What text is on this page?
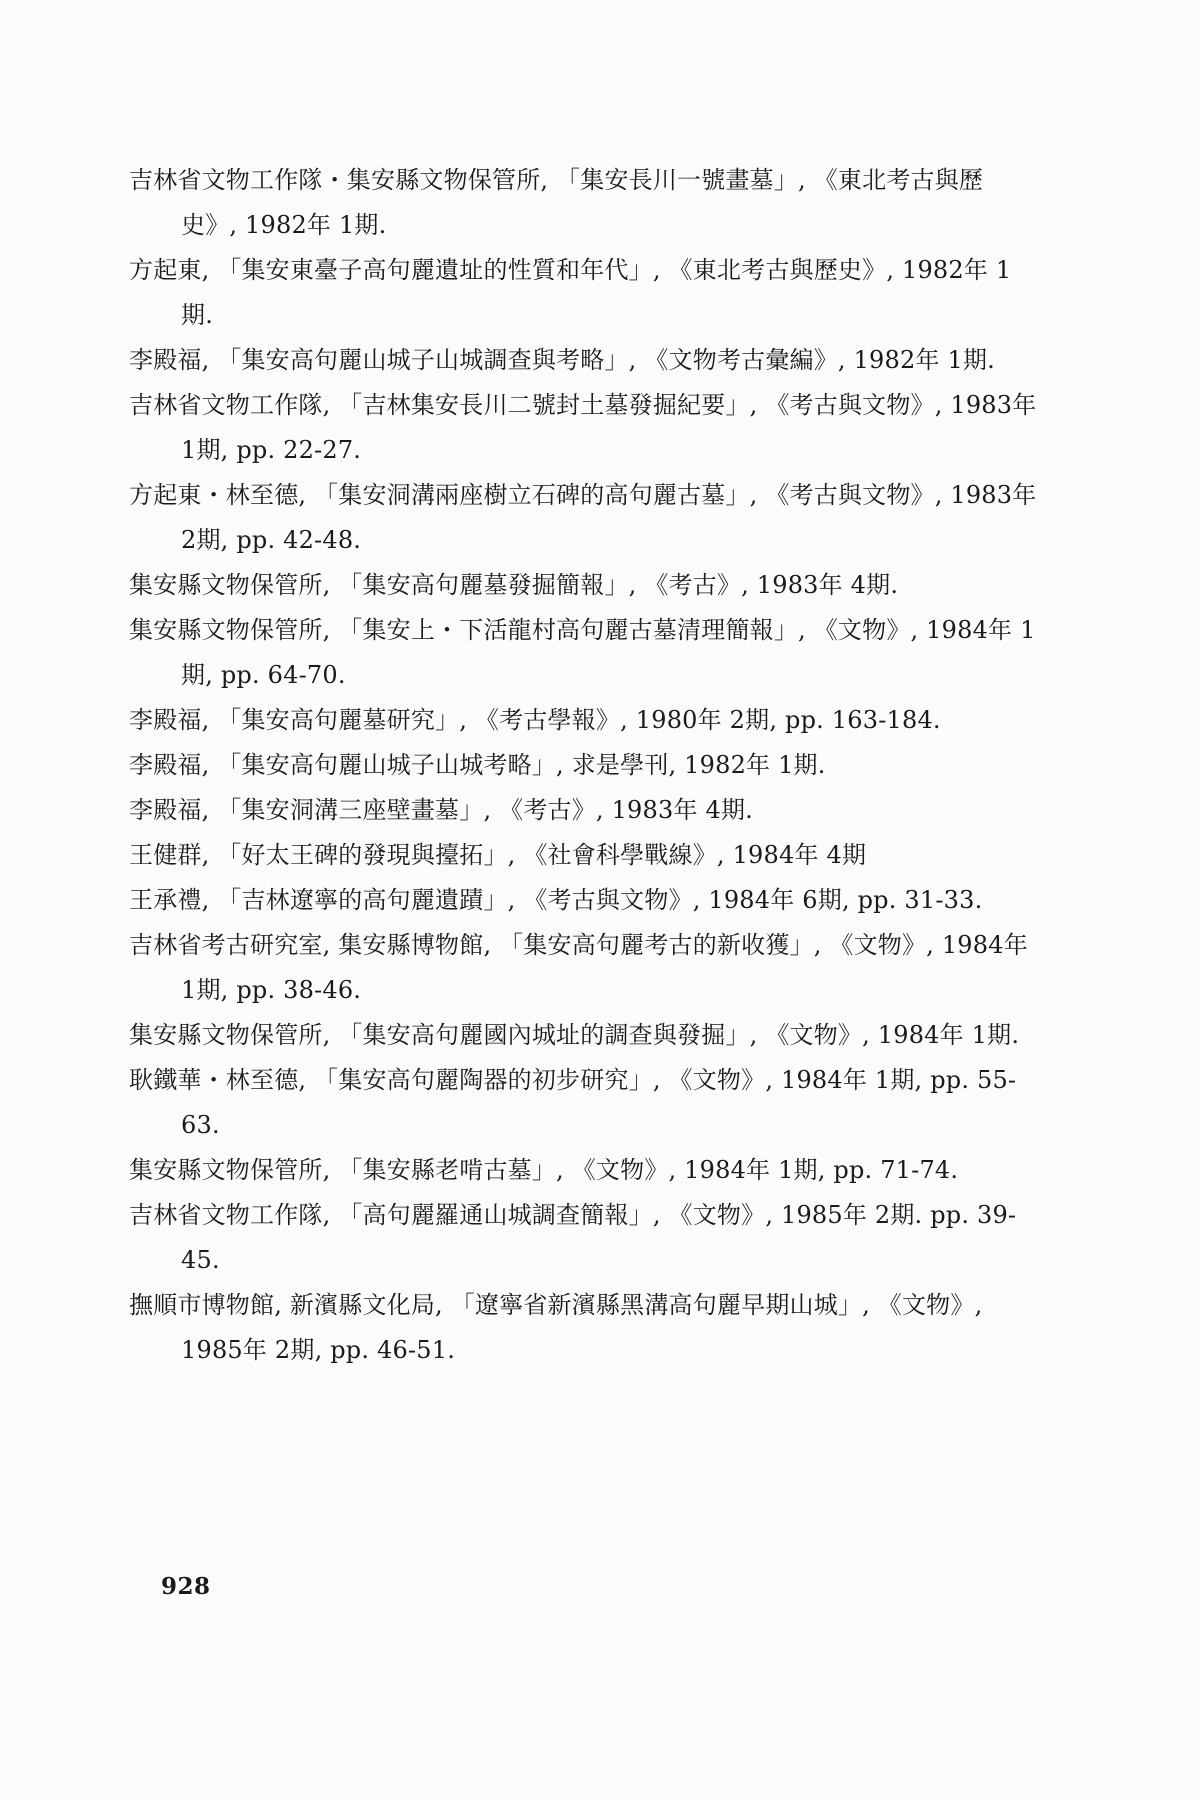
吉林省文物工作隊・集安縣文物保管所, 「集安長川一號畫墓」, 《東北考古與歷史》, 1982年 1期.
方起東, 「集安東臺子高句麗遺址的性質和年代」, 《東北考古與歷史》, 1982年 1期.
李殿福, 「集安高句麗山城子山城調查與考略」, 《文物考古彙編》, 1982年 1期.
吉林省文物工作隊, 「吉林集安長川二號封土墓發掘紀要」, 《考古與文物》, 1983年 1期, pp. 22-27.
方起東・林至德, 「集安洞溝兩座樹立石碑的高句麗古墓」, 《考古與文物》, 1983年 2期, pp. 42-48.
集安縣文物保管所, 「集安高句麗墓發掘簡報」, 《考古》, 1983年 4期.
集安縣文物保管所, 「集安上・下活龍村高句麗古墓清理簡報」, 《文物》, 1984年 1期, pp. 64-70.
李殿福, 「集安高句麗墓研究」, 《考古學報》, 1980年 2期, pp. 163-184.
李殿福, 「集安高句麗山城子山城考略」, 求是學刊, 1982年 1期.
李殿福, 「集安洞溝三座壁畫墓」, 《考古》, 1983年 4期.
王健群, 「好太王碑的發現與擡拓」, 《社會科學戰線》, 1984年 4期
王承禮, 「吉林遼寧的高句麗遺蹟」, 《考古與文物》, 1984年 6期, pp. 31-33.
吉林省考古研究室, 集安縣博物館, 「集安高句麗考古的新收獲」, 《文物》, 1984年 1期, pp. 38-46.
集安縣文物保管所, 「集安高句麗國內城址的調查與發掘」, 《文物》, 1984年 1期.
耿鐵華・林至德, 「集安高句麗陶器的初步研究」, 《文物》, 1984年 1期, pp. 55-63.
集安縣文物保管所, 「集安縣老啃古墓」, 《文物》, 1984年 1期, pp. 71-74.
吉林省文物工作隊, 「高句麗羅通山城調查簡報」, 《文物》, 1985年 2期. pp. 39-45.
撫順市博物館, 新濱縣文化局, 「遼寧省新濱縣黑溝高句麗早期山城」, 《文物》, 1985年 2期, pp. 46-51.
928
